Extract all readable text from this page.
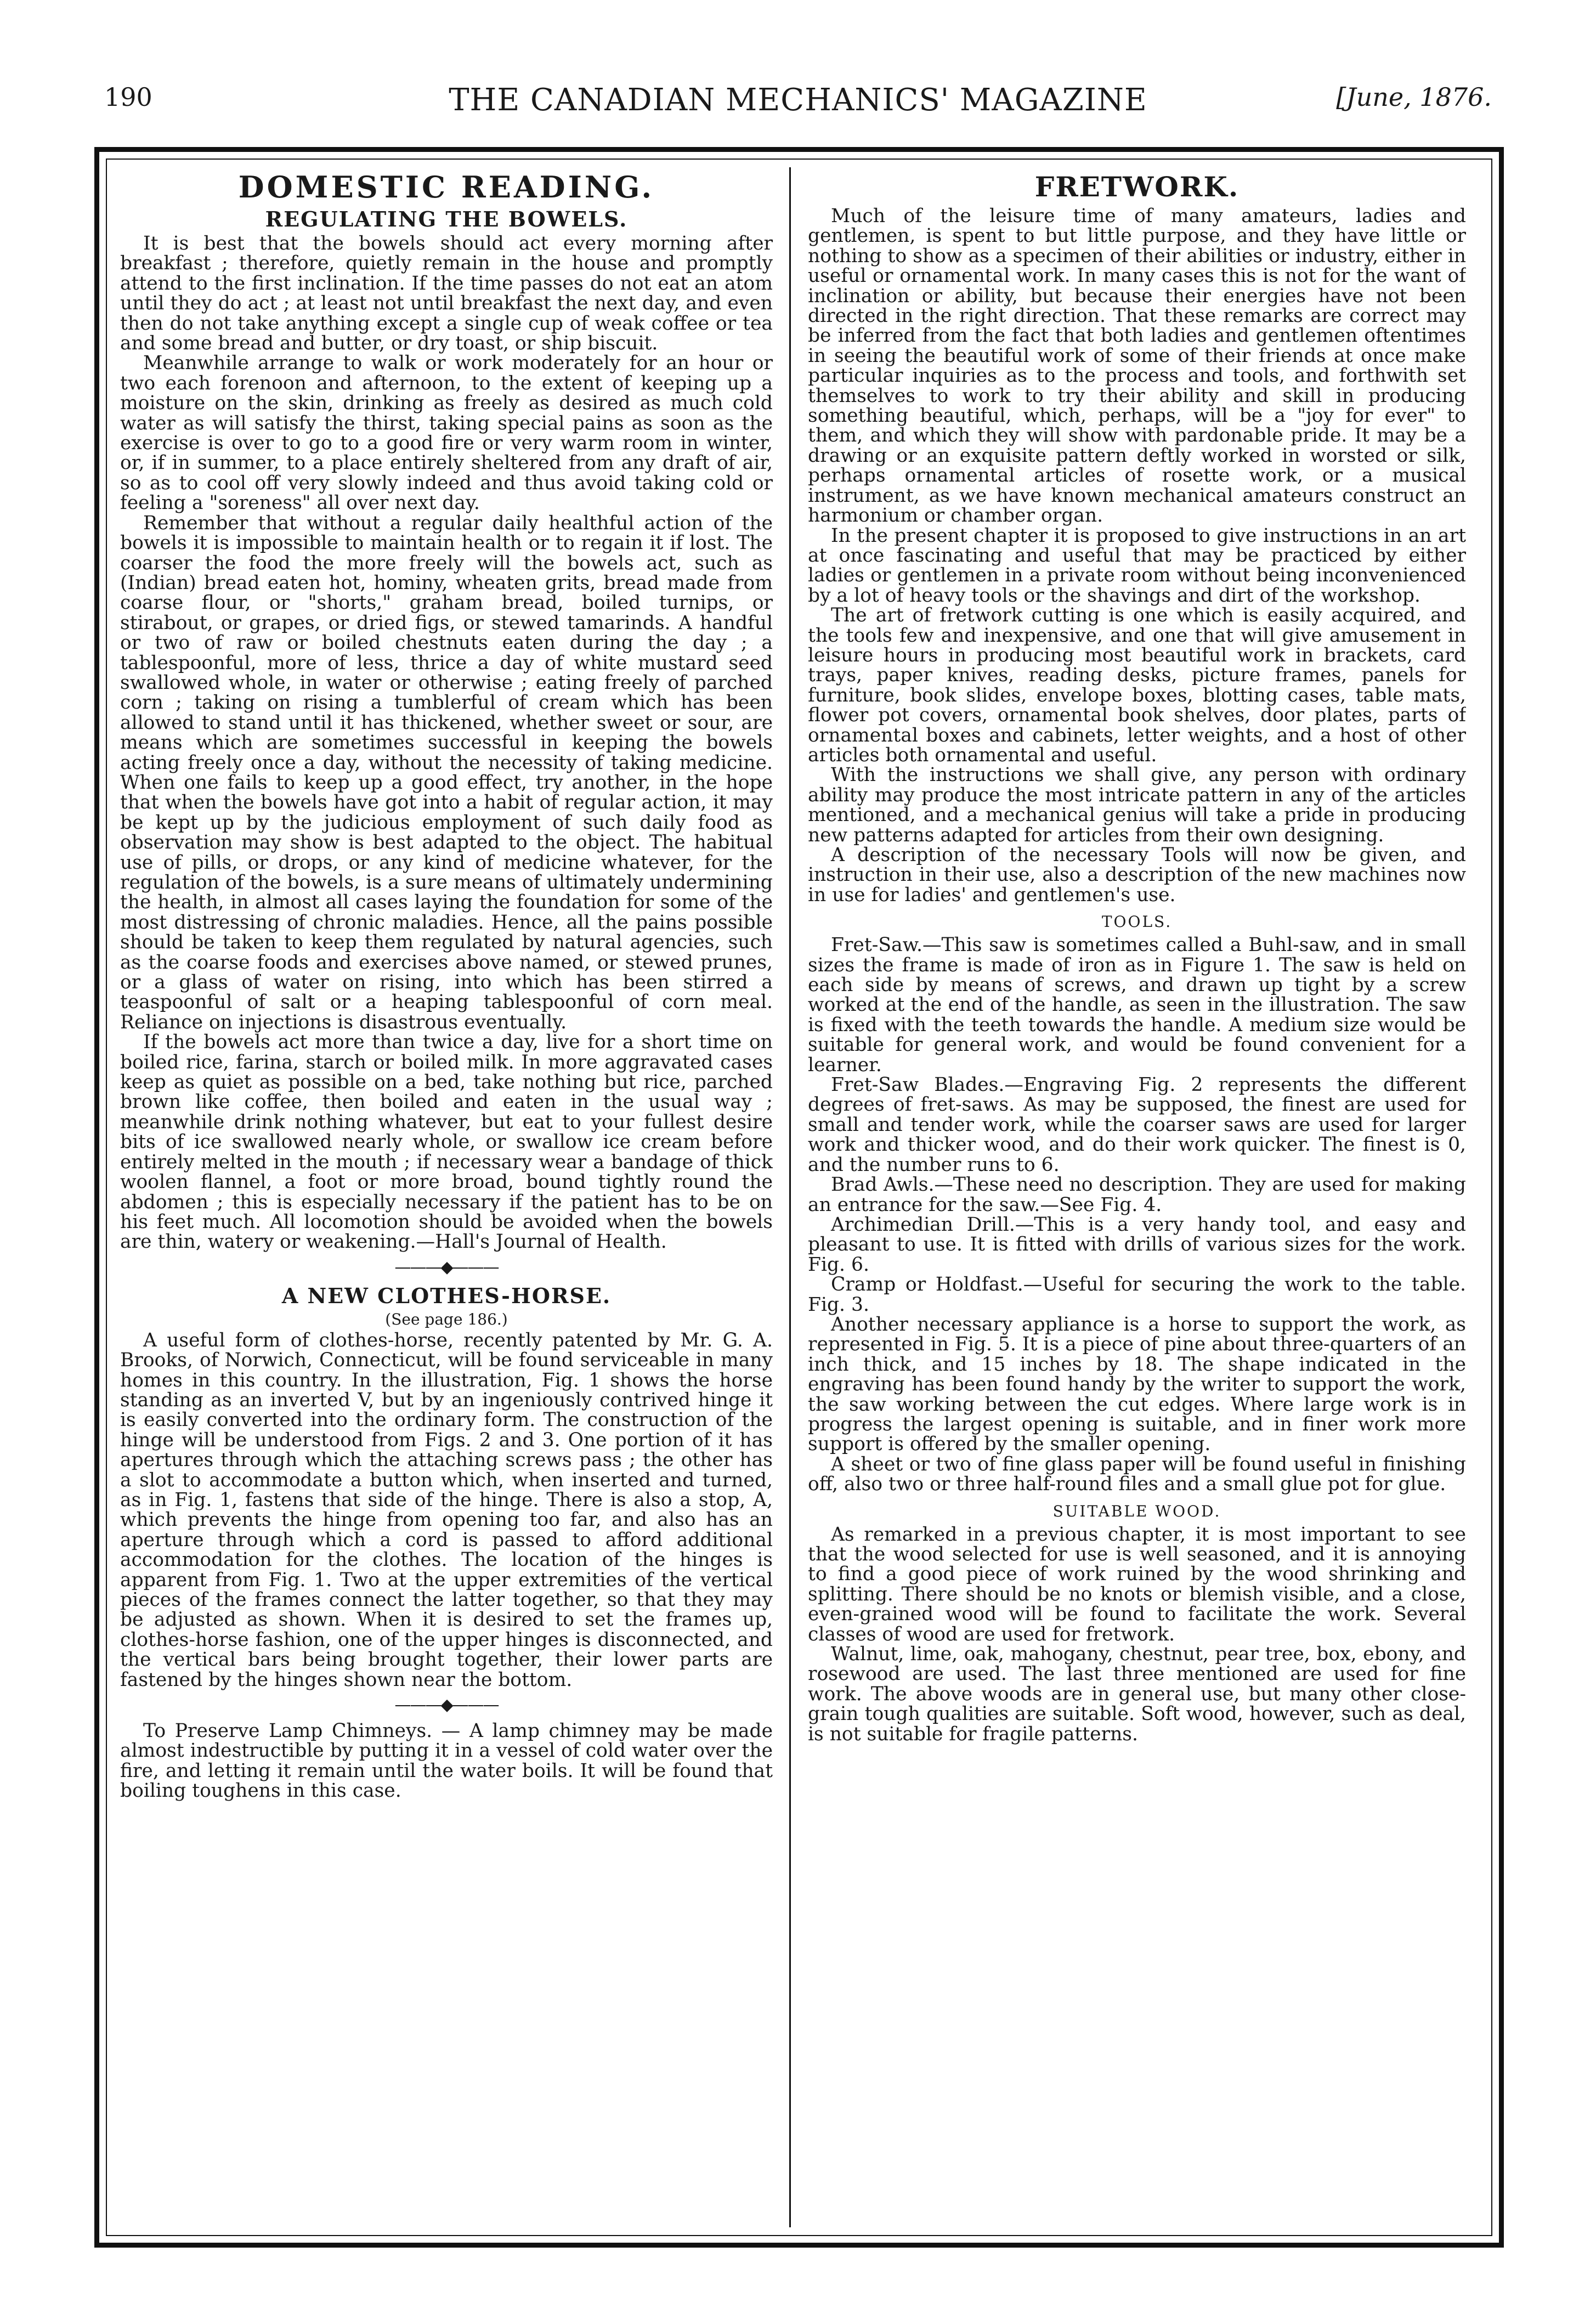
190	THE CANADIAN MECHANICS' MAGAZINE	[June, 1876.
DOMESTIC READING.
REGULATING THE BOWELS.

It is best that the bowels should act every morning after breakfast ; therefore, quietly remain in the house and promptly attend to the first inclination. If the time passes do not eat an atom until they do act ; at least not until breakfast the next day, and even then do not take anything except a single cup of weak coffee or tea and some bread and butter, or dry toast, or ship biscuit.

Meanwhile arrange to walk or work moderately for an hour or two each forenoon and afternoon, to the extent of keeping up a moisture on the skin, drinking as freely as desired as much cold water as will satisfy the thirst, taking special pains as soon as the exercise is over to go to a good fire or very warm room in winter, or, if in summer, to a place entirely sheltered from any draft of air, so as to cool off very slowly indeed and thus avoid taking cold or feeling a "soreness" all over next day.

Remember that without a regular daily healthful action of the bowels it is impossible to maintain health or to regain it if lost. The coarser the food the more freely will the bowels act, such as (Indian) bread eaten hot, hominy, wheaten grits, bread made from coarse flour, or "shorts," graham bread, boiled turnips, or stirabout, or grapes, or dried figs, or stewed tamarinds. A handful or two of raw or boiled chestnuts eaten during the day ; a tablespoonful, more of less, thrice a day of white mustard seed swallowed whole, in water or otherwise ; eating freely of parched corn ; taking on rising a tumblerful of cream which has been allowed to stand until it has thickened, whether sweet or sour, are means which are sometimes successful in keeping the bowels acting freely once a day, without the necessity of taking medicine. When one fails to keep up a good effect, try another, in the hope that when the bowels have got into a habit of regular action, it may be kept up by the judicious employment of such daily food as observation may show is best adapted to the object. The habitual use of pills, or drops, or any kind of medicine whatever, for the regulation of the bowels, is a sure means of ultimately undermining the health, in almost all cases laying the foundation for some of the most distressing of chronic maladies. Hence, all the pains possible should be taken to keep them regulated by natural agencies, such as the coarse foods and exercises above named, or stewed prunes, or a glass of water on rising, into which has been stirred a teaspoonful of salt or a heaping tablespoonful of corn meal. Reliance on injections is disastrous eventually.

If the bowels act more than twice a day, live for a short time on boiled rice, farina, starch or boiled milk. In more aggravated cases keep as quiet as possible on a bed, take nothing but rice, parched brown like coffee, then boiled and eaten in the usual way ; meanwhile drink nothing whatever, but eat to your fullest desire bits of ice swallowed nearly whole, or swallow ice cream before entirely melted in the mouth ; if necessary wear a bandage of thick woolen flannel, a foot or more broad, bound tightly round the abdomen ; this is especially necessary if the patient has to be on his feet much. All locomotion should be avoided when the bowels are thin, watery or weakening.—Hall's Journal of Health.

———◆———
A NEW CLOTHES-HORSE.
(See page 186.)

A useful form of clothes-horse, recently patented by Mr. G. A. Brooks, of Norwich, Connecticut, will be found serviceable in many homes in this country. In the illustration, Fig. 1 shows the horse standing as an inverted V, but by an ingeniously contrived hinge it is easily converted into the ordinary form. The construction of the hinge will be understood from Figs. 2 and 3. One portion of it has apertures through which the attaching screws pass ; the other has a slot to accommodate a button which, when inserted and turned, as in Fig. 1, fastens that side of the hinge. There is also a stop, A, which prevents the hinge from opening too far, and also has an aperture through which a cord is passed to afford additional accommodation for the clothes. The location of the hinges is apparent from Fig. 1. Two at the upper extremities of the vertical pieces of the frames connect the latter together, so that they may be adjusted as shown. When it is desired to set the frames up, clothes-horse fashion, one of the upper hinges is disconnected, and the vertical bars being brought together, their lower parts are fastened by the hinges shown near the bottom.

———◆———

To Preserve Lamp Chimneys. — A lamp chimney may be made almost indestructible by putting it in a vessel of cold water over the fire, and letting it remain until the water boils. It will be found that boiling toughens in this case.

FRETWORK.

Much of the leisure time of many amateurs, ladies and gentlemen, is spent to but little purpose, and they have little or nothing to show as a specimen of their abilities or industry, either in useful or ornamental work. In many cases this is not for the want of inclination or ability, but because their energies have not been directed in the right direction. That these remarks are correct may be inferred from the fact that both ladies and gentlemen oftentimes in seeing the beautiful work of some of their friends at once make particular inquiries as to the process and tools, and forthwith set themselves to work to try their ability and skill in producing something beautiful, which, perhaps, will be a "joy for ever" to them, and which they will show with pardonable pride. It may be a drawing or an exquisite pattern deftly worked in worsted or silk, perhaps ornamental articles of rosette work, or a musical instrument, as we have known mechanical amateurs construct an harmonium or chamber organ.

In the present chapter it is proposed to give instructions in an art at once fascinating and useful that may be practiced by either ladies or gentlemen in a private room without being inconvenienced by a lot of heavy tools or the shavings and dirt of the workshop.

The art of fretwork cutting is one which is easily acquired, and the tools few and inexpensive, and one that will give amusement in leisure hours in producing most beautiful work in brackets, card trays, paper knives, reading desks, picture frames, panels for furniture, book slides, envelope boxes, blotting cases, table mats, flower pot covers, ornamental book shelves, door plates, parts of ornamental boxes and cabinets, letter weights, and a host of other articles both ornamental and useful.

With the instructions we shall give, any person with ordinary ability may produce the most intricate pattern in any of the articles mentioned, and a mechanical genius will take a pride in producing new patterns adapted for articles from their own designing.

A description of the necessary Tools will now be given, and instruction in their use, also a description of the new machines now in use for ladies' and gentlemen's use.

TOOLS.

Fret-Saw.—This saw is sometimes called a Buhl-saw, and in small sizes the frame is made of iron as in Figure 1. The saw is held on each side by means of screws, and drawn up tight by a screw worked at the end of the handle, as seen in the illustration. The saw is fixed with the teeth towards the handle. A medium size would be suitable for general work, and would be found convenient for a learner.

Fret-Saw Blades.—Engraving Fig. 2 represents the different degrees of fret-saws. As may be supposed, the finest are used for small and tender work, while the coarser saws are used for larger work and thicker wood, and do their work quicker. The finest is 0, and the number runs to 6.

Brad Awls.—These need no description. They are used for making an entrance for the saw.—See Fig. 4.

Archimedian Drill.—This is a very handy tool, and easy and pleasant to use. It is fitted with drills of various sizes for the work. Fig. 6.

Cramp or Holdfast.—Useful for securing the work to the table. Fig. 3.

Another necessary appliance is a horse to support the work, as represented in Fig. 5. It is a piece of pine about three-quarters of an inch thick, and 15 inches by 18. The shape indicated in the engraving has been found handy by the writer to support the work, the saw working between the cut edges. Where large work is in progress the largest opening is suitable, and in finer work more support is offered by the smaller opening.

A sheet or two of fine glass paper will be found useful in finishing off, also two or three half-round files and a small glue pot for glue.

SUITABLE WOOD.

As remarked in a previous chapter, it is most important to see that the wood selected for use is well seasoned, and it is annoying to find a good piece of work ruined by the wood shrinking and splitting. There should be no knots or blemish visible, and a close, even-grained wood will be found to facilitate the work. Several classes of wood are used for fretwork.

Walnut, lime, oak, mahogany, chestnut, pear tree, box, ebony, and rosewood are used. The last three mentioned are used for fine work. The above woods are in general use, but many other close-grain tough qualities are suitable. Soft wood, however, such as deal, is not suitable for fragile patterns.
